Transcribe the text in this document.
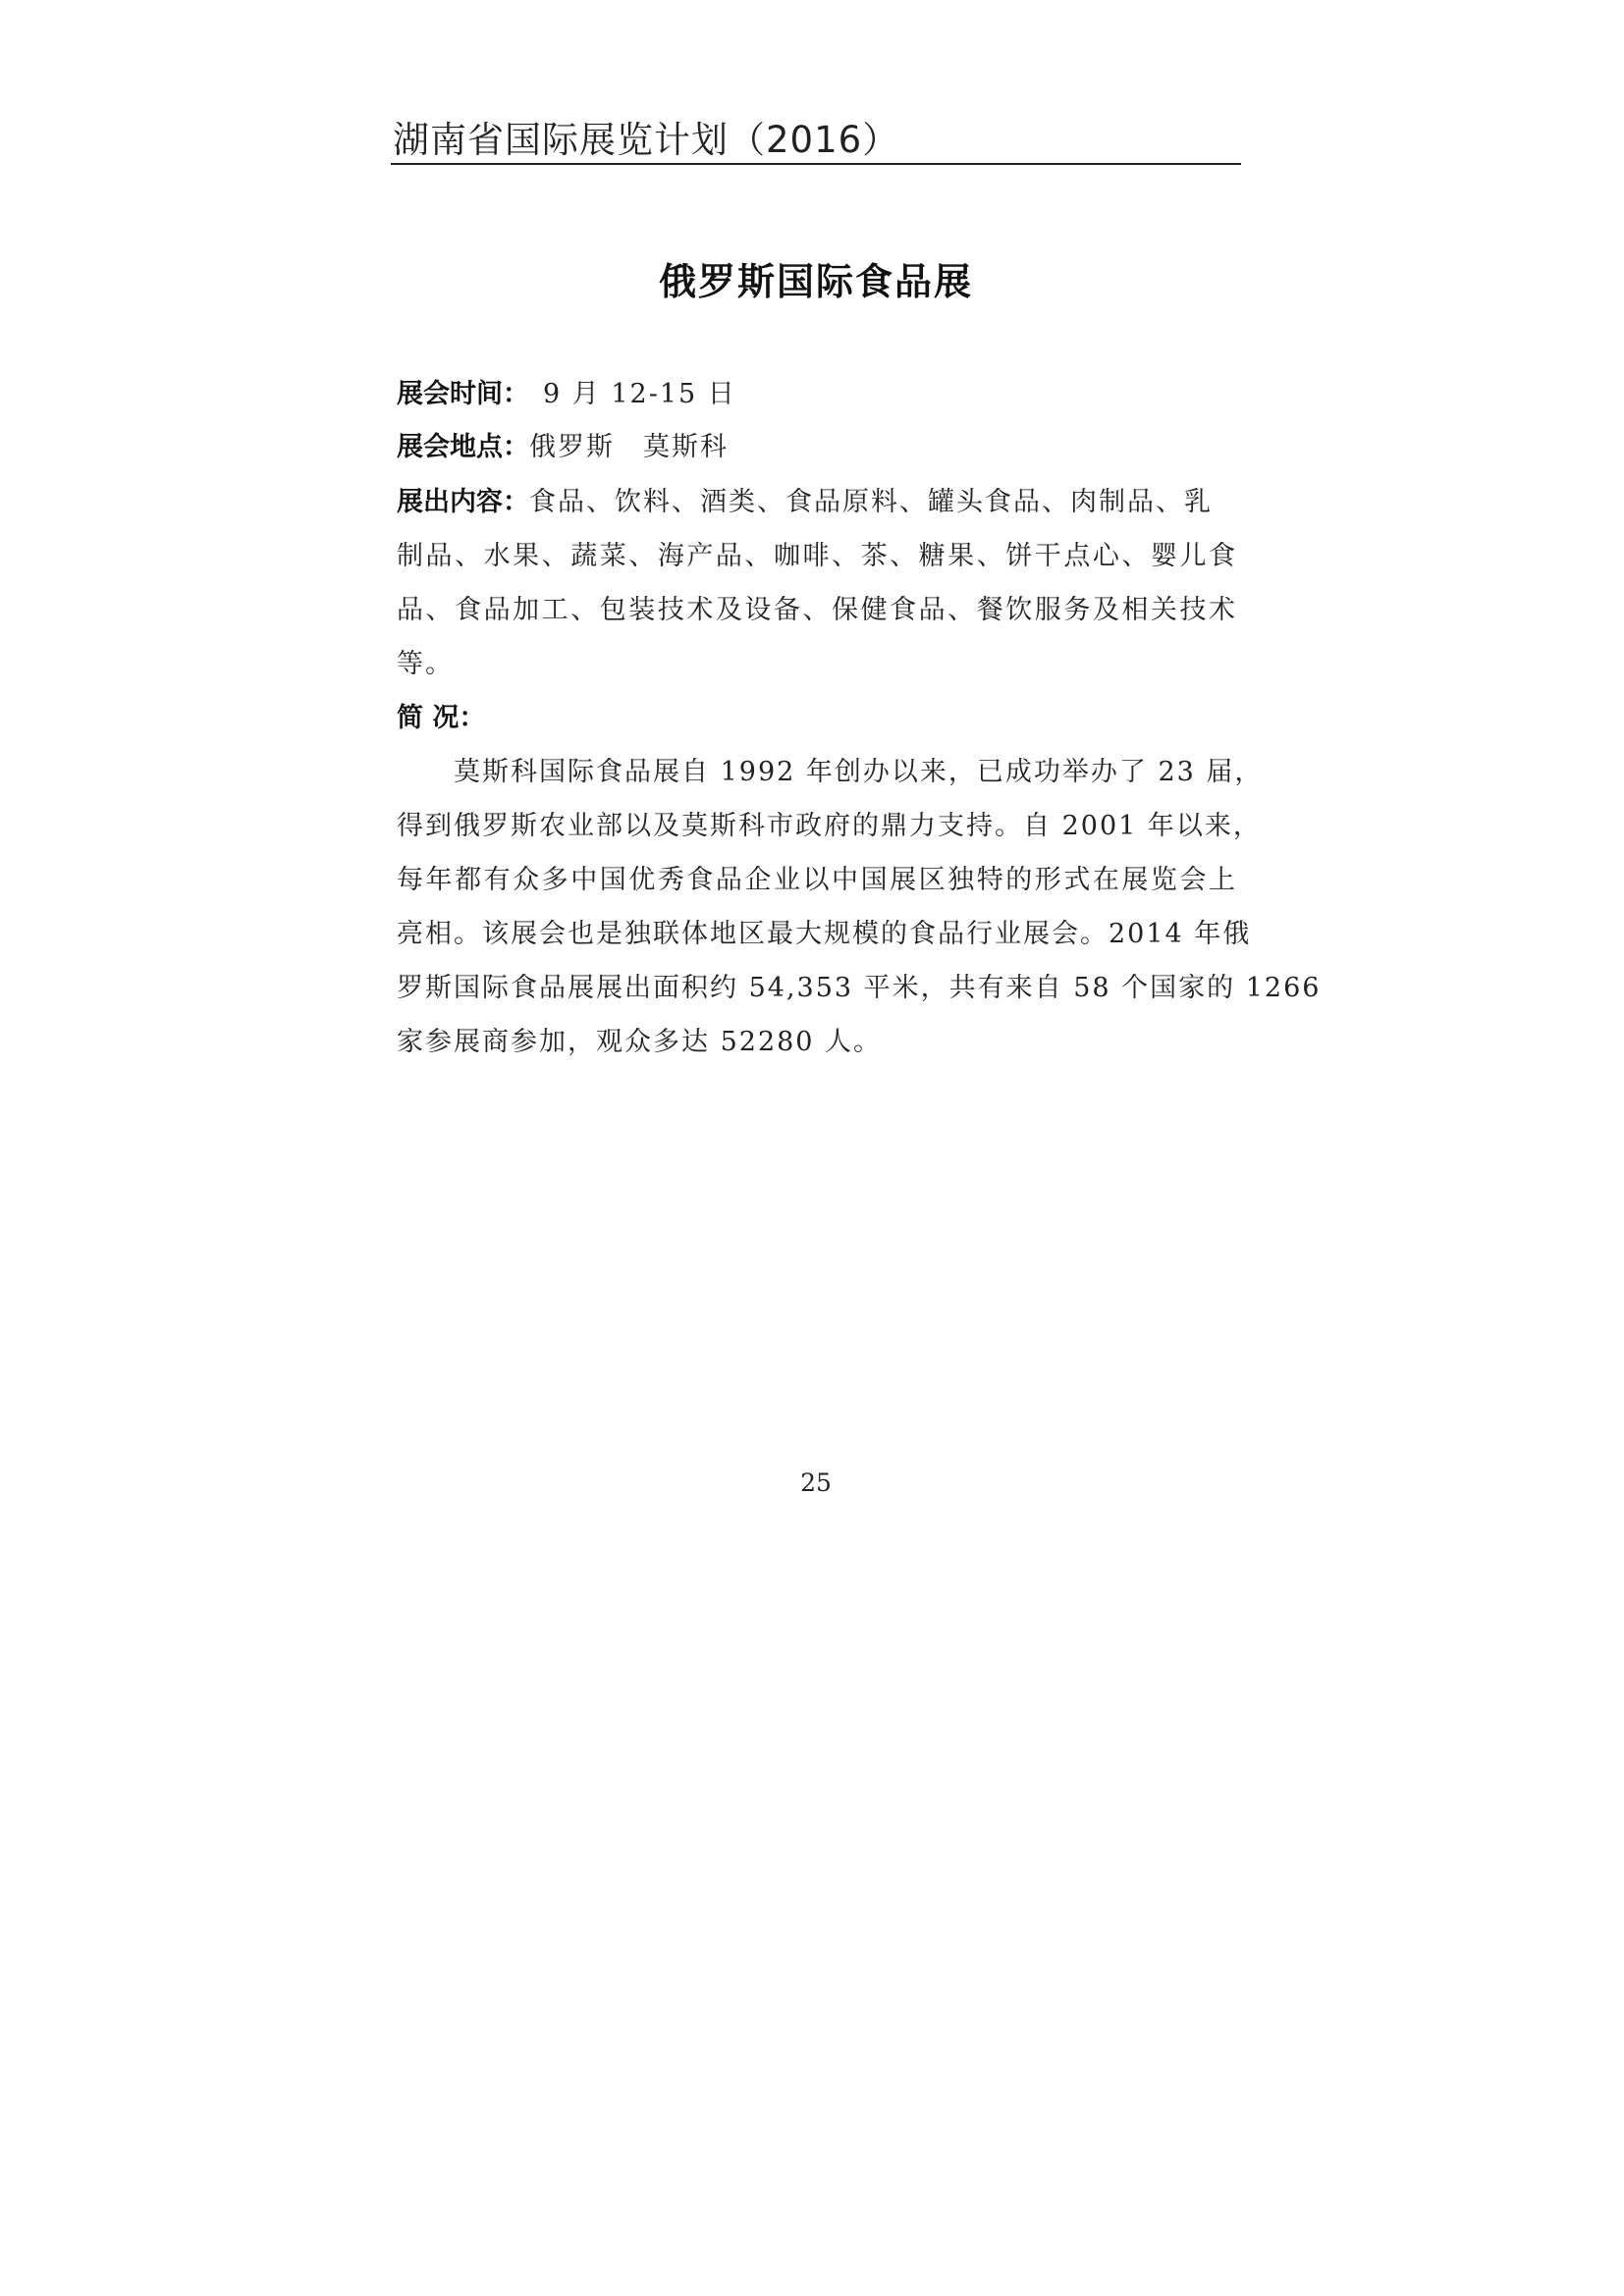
湖南省国际展览计划（2016）
俄罗斯国际食品展
展会时间： 9 月 12-15 日
展会地点：俄罗斯　莫斯科
展出内容：食品、饮料、酒类、食品原料、罐头食品、肉制品、乳
制品、水果、蔬菜、海产品、咖啡、茶、糖果、饼干点心、婴儿食
品、食品加工、包装技术及设备、保健食品、餐饮服务及相关技术
等。
简 况：
莫斯科国际食品展自 1992 年创办以来，已成功举办了 23 届，
得到俄罗斯农业部以及莫斯科市政府的鼎力支持。自 2001 年以来，
每年都有众多中国优秀食品企业以中国展区独特的形式在展览会上
亮相。该展会也是独联体地区最大规模的食品行业展会。2014 年俄
罗斯国际食品展展出面积约 54,353 平米，共有来自 58 个国家的 1266
家参展商参加，观众多达 52280 人。
25
